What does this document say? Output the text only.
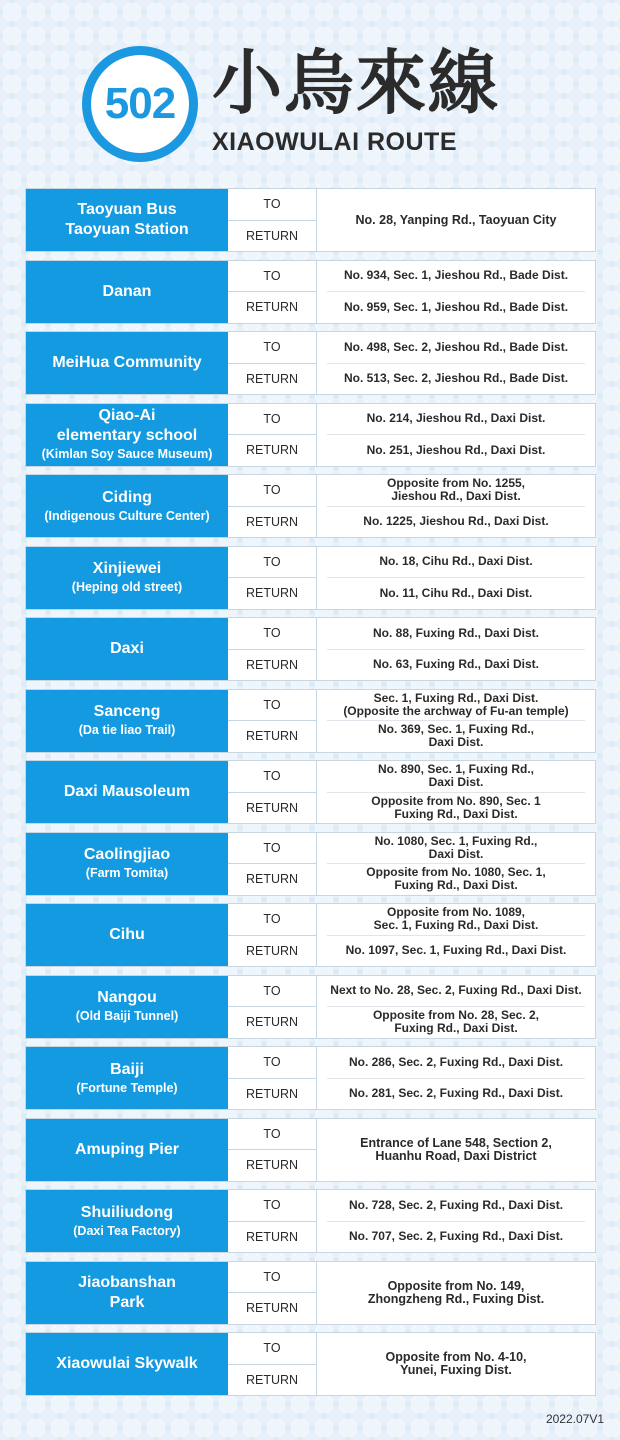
502 小烏來線
XIAOWULAI ROUTE
Taoyuan Bus
Taoyuan Station
TO
RETURN
No. 28, Yanping Rd., Taoyuan City
Danan
TO
RETURN
No. 934, Sec. 1, Jieshou Rd., Bade Dist.
No. 959, Sec. 1, Jieshou Rd., Bade Dist.
MeiHua Community
TO
RETURN
No. 498, Sec. 2, Jieshou Rd., Bade Dist.
No. 513, Sec. 2, Jieshou Rd., Bade Dist.
Qiao-Ai
elementary school
(Kimlan Soy Sauce Museum)
TO
RETURN
No. 214, Jieshou Rd., Daxi Dist.
No. 251, Jieshou Rd., Daxi Dist.
Ciding
(Indigenous Culture Center)
TO
RETURN
Opposite from No. 1255,
Jieshou Rd., Daxi Dist.
No. 1225, Jieshou Rd., Daxi Dist.
Xinjiewei
(Heping old street)
TO
RETURN
No. 18, Cihu Rd., Daxi Dist.
No. 11, Cihu Rd., Daxi Dist.
Daxi
TO
RETURN
No. 88, Fuxing Rd., Daxi Dist.
No. 63, Fuxing Rd., Daxi Dist.
Sanceng
(Da tie liao Trail)
TO
RETURN
Sec. 1, Fuxing Rd., Daxi Dist.
(Opposite the archway of Fu-an temple)
No. 369, Sec. 1, Fuxing Rd.,
Daxi Dist.
Daxi Mausoleum
TO
RETURN
No. 890, Sec. 1, Fuxing Rd.,
Daxi Dist.
Opposite from No. 890, Sec. 1
Fuxing Rd., Daxi Dist.
Caolingjiao
(Farm Tomita)
TO
RETURN
No. 1080, Sec. 1, Fuxing Rd.,
Daxi Dist.
Opposite from No. 1080, Sec. 1,
Fuxing Rd., Daxi Dist.
Cihu
TO
RETURN
Opposite from No. 1089,
Sec. 1, Fuxing Rd., Daxi Dist.
No. 1097, Sec. 1, Fuxing Rd., Daxi Dist.
Nangou
(Old Baiji Tunnel)
TO
RETURN
Next to No. 28, Sec. 2, Fuxing Rd., Daxi Dist.
Opposite from No. 28, Sec. 2,
Fuxing Rd., Daxi Dist.
Baiji
(Fortune Temple)
TO
RETURN
No. 286, Sec. 2, Fuxing Rd., Daxi Dist.
No. 281, Sec. 2, Fuxing Rd., Daxi Dist.
Amuping Pier
TO
RETURN
Entrance of Lane 548, Section 2,
Huanhu Road, Daxi District
Shuiliudong
(Daxi Tea Factory)
TO
RETURN
No. 728, Sec. 2, Fuxing Rd., Daxi Dist.
No. 707, Sec. 2, Fuxing Rd., Daxi Dist.
Jiaobanshan
Park
TO
RETURN
Opposite from No. 149,
Zhongzheng Rd., Fuxing Dist.
Xiaowulai Skywalk
TO
RETURN
Opposite from No. 4-10,
Yunei, Fuxing Dist.
2022.07V1
